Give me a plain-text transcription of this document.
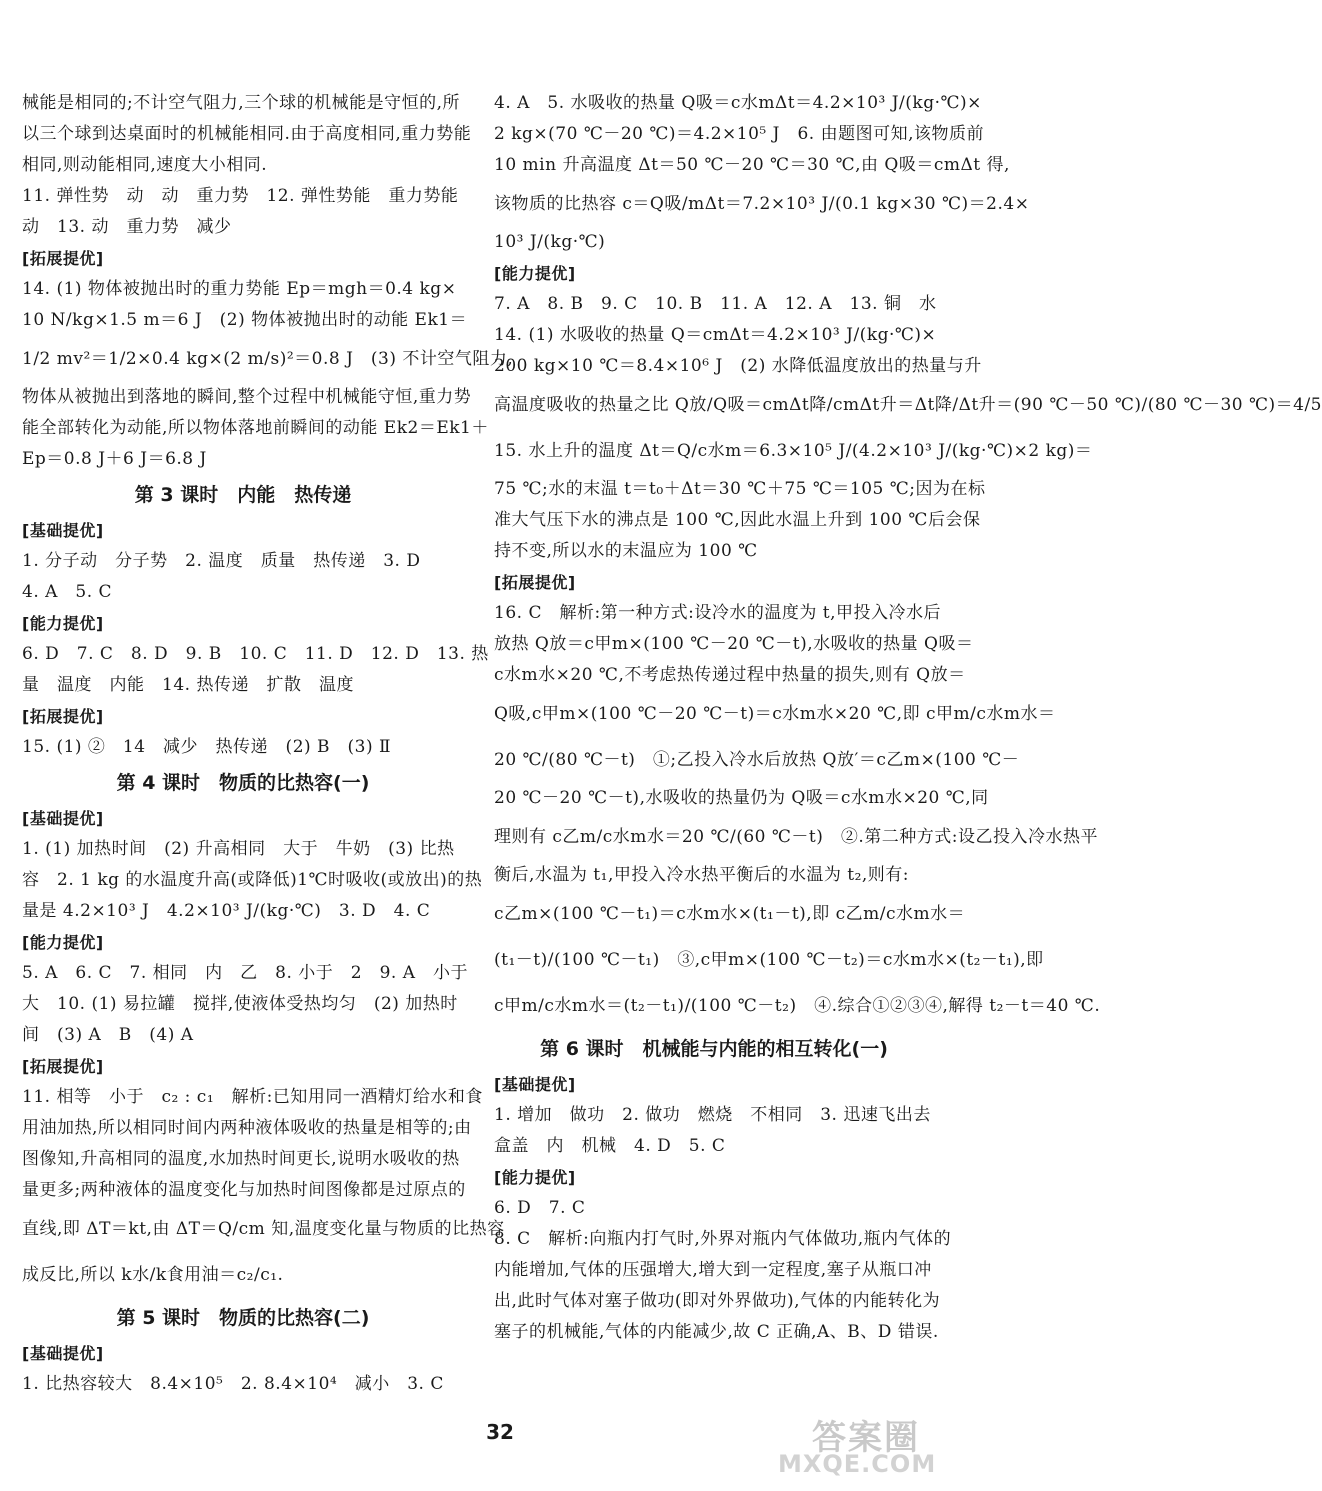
械能是相同的;不计空气阻力,三个球的机械能是守恒的,所
以三个球到达桌面时的机械能相同.由于高度相同,重力势能
相同,则动能相同,速度大小相同.
11. 弹性势　动　动　重力势　12. 弹性势能　重力势能
动　13. 动　重力势　减少
[拓展提优]
14. (1) 物体被抛出时的重力势能 Ep＝mgh＝0.4 kg×
10 N/kg×1.5 m＝6 J　(2) 物体被抛出时的动能 Ek1＝
1/2 mv²＝1/2×0.4 kg×(2 m/s)²＝0.8 J　(3) 不计空气阻力,
物体从被抛出到落地的瞬间,整个过程中机械能守恒,重力势
能全部转化为动能,所以物体落地前瞬间的动能 Ek2＝Ek1＋
Ep＝0.8 J＋6 J＝6.8 J
第 3 课时　内能　热传递
[基础提优]
1. 分子动　分子势　2. 温度　质量　热传递　3. D
4. A　5. C
[能力提优]
6. D　7. C　8. D　9. B　10. C　11. D　12. D　13. 热
量　温度　内能　14. 热传递　扩散　温度
[拓展提优]
15. (1) ②　14　减少　热传递　(2) B　(3) Ⅱ
第 4 课时　物质的比热容(一)
[基础提优]
1. (1) 加热时间　(2) 升高相同　大于　牛奶　(3) 比热
容　2. 1 kg 的水温度升高(或降低)1℃时吸收(或放出)的热
量是 4.2×10³ J　4.2×10³ J/(kg·℃)　3. D　4. C
[能力提优]
5. A　6. C　7. 相同　内　乙　8. 小于　2　9. A　小于
大　10. (1) 易拉罐　搅拌,使液体受热均匀　(2) 加热时
间　(3) A　B　(4) A
[拓展提优]
11. 相等　小于　c₂ : c₁　解析:已知用同一酒精灯给水和食
用油加热,所以相同时间内两种液体吸收的热量是相等的;由
图像知,升高相同的温度,水加热时间更长,说明水吸收的热
量更多;两种液体的温度变化与加热时间图像都是过原点的
直线,即 ΔT＝kt,由 ΔT＝Q/cm 知,温度变化量与物质的比热容
成反比,所以 k水/k食用油＝c₂/c₁.
第 5 课时　物质的比热容(二)
[基础提优]
1. 比热容较大　8.4×10⁵　2. 8.4×10⁴　减小　3. C
4. A　5. 水吸收的热量 Q吸＝c水mΔt＝4.2×10³ J/(kg·℃)×
2 kg×(70 ℃－20 ℃)＝4.2×10⁵ J　6. 由题图可知,该物质前
10 min 升高温度 Δt＝50 ℃－20 ℃＝30 ℃,由 Q吸＝cmΔt 得,
该物质的比热容 c＝Q吸/mΔt＝7.2×10³ J/(0.1 kg×30 ℃)＝2.4×
10³ J/(kg·℃)
[能力提优]
7. A　8. B　9. C　10. B　11. A　12. A　13. 铜　水
14. (1) 水吸收的热量 Q＝cmΔt＝4.2×10³ J/(kg·℃)×
200 kg×10 ℃＝8.4×10⁶ J　(2) 水降低温度放出的热量与升
高温度吸收的热量之比 Q放/Q吸＝cmΔt降/cmΔt升＝Δt降/Δt升＝(90 ℃－50 ℃)/(80 ℃－30 ℃)＝4/5
15. 水上升的温度 Δt＝Q/c水m＝6.3×10⁵ J/(4.2×10³ J/(kg·℃)×2 kg)＝
75 ℃;水的末温 t＝t₀＋Δt＝30 ℃＋75 ℃＝105 ℃;因为在标
准大气压下水的沸点是 100 ℃,因此水温上升到 100 ℃后会保
持不变,所以水的末温应为 100 ℃
[拓展提优]
16. C　解析:第一种方式:设冷水的温度为 t,甲投入冷水后
放热 Q放＝c甲m×(100 ℃－20 ℃－t),水吸收的热量 Q吸＝
c水m水×20 ℃,不考虑热传递过程中热量的损失,则有 Q放＝
Q吸,c甲m×(100 ℃－20 ℃－t)＝c水m水×20 ℃,即 c甲m/c水m水＝
20 ℃/(80 ℃－t)　①;乙投入冷水后放热 Q放′＝c乙m×(100 ℃－
20 ℃－20 ℃－t),水吸收的热量仍为 Q吸＝c水m水×20 ℃,同
理则有 c乙m/c水m水＝20 ℃/(60 ℃－t)　②.第二种方式:设乙投入冷水热平
衡后,水温为 t₁,甲投入冷水热平衡后的水温为 t₂,则有:
c乙m×(100 ℃－t₁)＝c水m水×(t₁－t),即 c乙m/c水m水＝
(t₁－t)/(100 ℃－t₁)　③,c甲m×(100 ℃－t₂)＝c水m水×(t₂－t₁),即
c甲m/c水m水＝(t₂－t₁)/(100 ℃－t₂)　④.综合①②③④,解得 t₂－t＝40 ℃.
第 6 课时　机械能与内能的相互转化(一)
[基础提优]
1. 增加　做功　2. 做功　燃烧　不相同　3. 迅速飞出去
盒盖　内　机械　4. D　5. C
[能力提优]
6. D　7. C
8. C　解析:向瓶内打气时,外界对瓶内气体做功,瓶内气体的
内能增加,气体的压强增大,增大到一定程度,塞子从瓶口冲
出,此时气体对塞子做功(即对外界做功),气体的内能转化为
塞子的机械能,气体的内能减少,故 C 正确,A、B、D 错误.
32	答案圈
MXQE.COM
